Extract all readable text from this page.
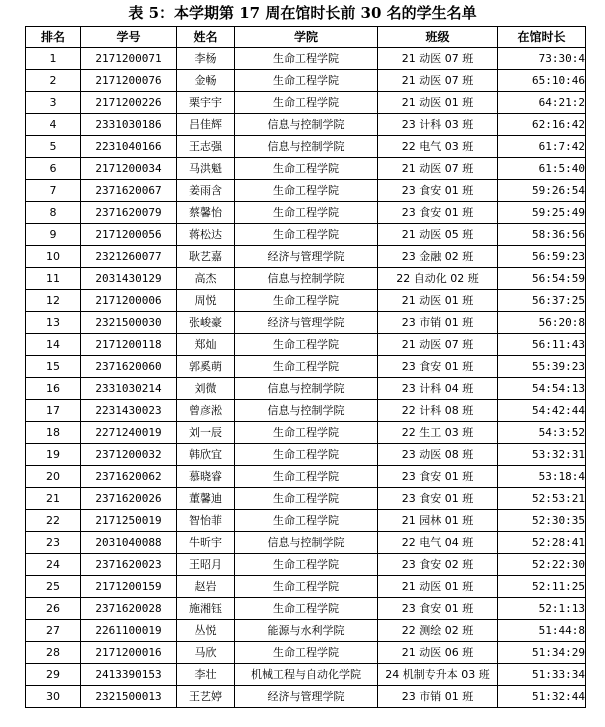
表 5：本学期第 17 周在馆时长前 30 名的学生名单
排名	学号	姓名	学院	班级	在馆时长
1	2171200071	李杨	生命工程学院	21 动医 07 班	73:30:4
2	2171200076	金畅	生命工程学院	21 动医 07 班	65:10:46
3	2171200226	栗宇宇	生命工程学院	21 动医 01 班	64:21:2
4	2331030186	吕佳辉	信息与控制学院	23 计科 03 班	62:16:42
5	2231040166	王志强	信息与控制学院	22 电气 03 班	61:7:42
6	2171200034	马洪魁	生命工程学院	21 动医 07 班	61:5:40
7	2371620067	姜雨含	生命工程学院	23 食安 01 班	59:26:54
8	2371620079	蔡馨怡	生命工程学院	23 食安 01 班	59:25:49
9	2171200056	蒋松达	生命工程学院	21 动医 05 班	58:36:56
10	2321260077	耿艺嘉	经济与管理学院	23 金融 02 班	56:59:23
11	2031430129	高杰	信息与控制学院	22 自动化 02 班	56:54:59
12	2171200006	周悦	生命工程学院	21 动医 01 班	56:37:25
13	2321500030	张峻豪	经济与管理学院	23 市销 01 班	56:20:8
14	2171200118	郑灿	生命工程学院	21 动医 07 班	56:11:43
15	2371620060	郭奚萌	生命工程学院	23 食安 01 班	55:39:23
16	2331030214	刘微	信息与控制学院	23 计科 04 班	54:54:13
17	2231430023	曾彦淞	信息与控制学院	22 计科 08 班	54:42:44
18	2271240019	刘一辰	生命工程学院	22 生工 03 班	54:3:52
19	2371200032	韩欣宜	生命工程学院	23 动医 08 班	53:32:31
20	2371620062	慕晓睿	生命工程学院	23 食安 01 班	53:18:4
21	2371620026	董馨迪	生命工程学院	23 食安 01 班	52:53:21
22	2171250019	智怡菲	生命工程学院	21 园林 01 班	52:30:35
23	2031040088	牛昕宇	信息与控制学院	22 电气 04 班	52:28:41
24	2371620023	王昭月	生命工程学院	23 食安 02 班	52:22:30
25	2171200159	赵岩	生命工程学院	21 动医 01 班	52:11:25
26	2371620028	施湘钰	生命工程学院	23 食安 01 班	52:1:13
27	2261100019	丛悦	能源与水利学院	22 测绘 02 班	51:44:8
28	2171200016	马欣	生命工程学院	21 动医 06 班	51:34:29
29	2413390153	李壮	机械工程与自动化学院	24 机制专升本 03 班	51:33:34
30	2321500013	王艺婷	经济与管理学院	23 市销 01 班	51:32:44
